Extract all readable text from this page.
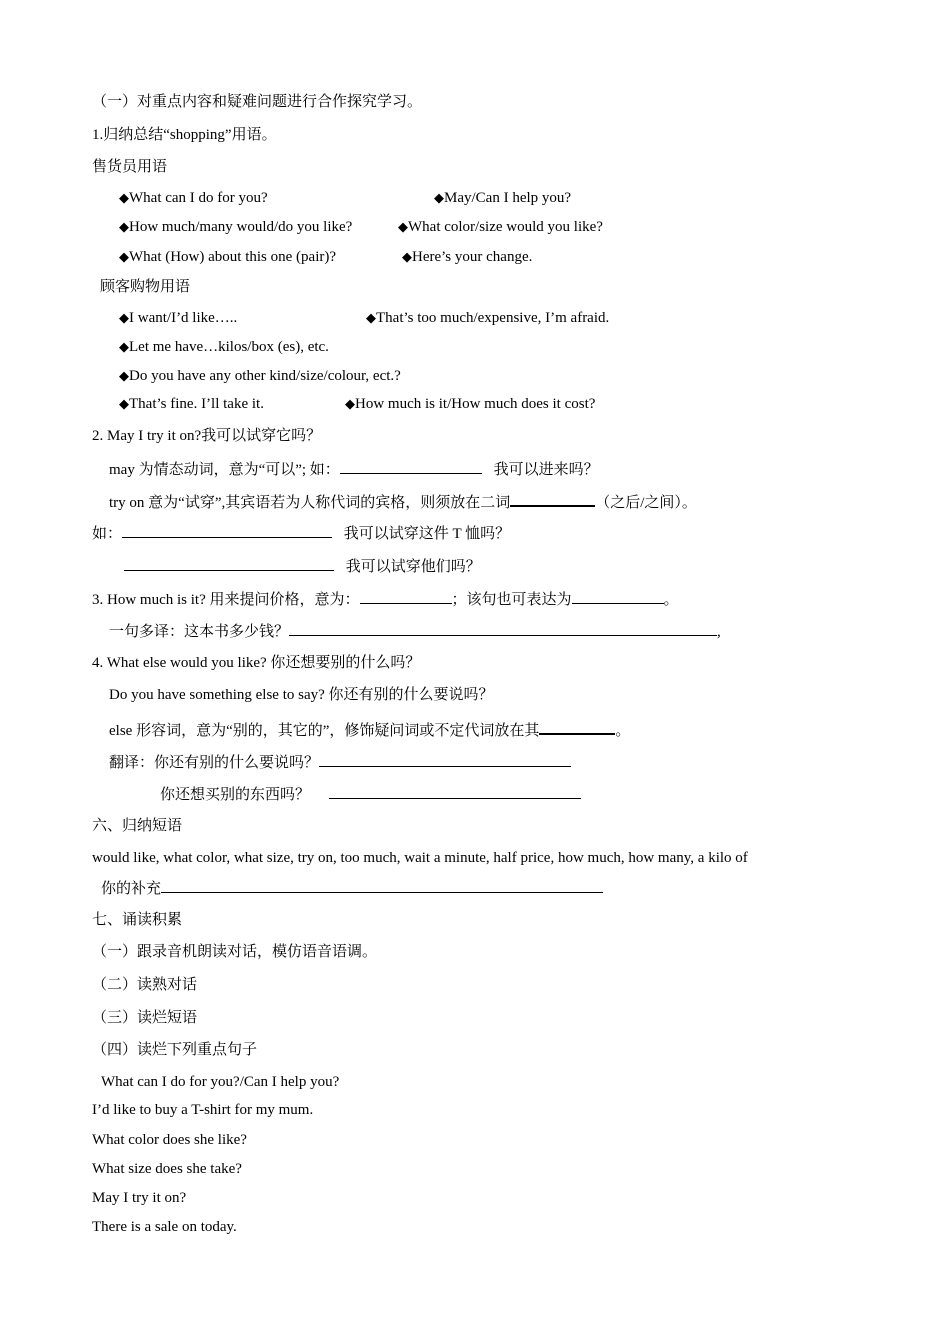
（一）对重点内容和疑难问题进行合作探究学习。
1.归纳总结“shopping”用语。
售货员用语
◆What can I do for you?	◆May/Can I help you?
◆How much/many would/do you like?	◆What color/size would you like?
◆What (How) about this one (pair)?	◆Here’s your change.
顾客购物用语
◆I want/I’d like…..	◆That’s too much/expensive, I’m afraid.
◆Let me have…kilos/box (es), etc.
◆Do you have any other kind/size/colour, ect.?
◆That’s fine. I’ll take it.	◆How much is it/How much does it cost?
2. May I try it on?我可以试穿它吗？
may 为情态动词，意为“可以”; 如：	我可以进来吗？
try on 意为“试穿”,其宾语若为人称代词的宾格，则须放在二词	（之后/之间）。
如：	我可以试穿这件 T 恤吗？
我可以试穿他们吗？
3. How much is it? 用来提问价格，意为：	；该句也可表达为	。
一句多译：这本书多少钱？	,
4. What else would you like? 你还想要别的什么吗？
Do you have something else to say? 你还有别的什么要说吗？
else 形容词，意为“别的，其它的”，修饰疑问词或不定代词放在其	。
翻译：你还有别的什么要说吗？
你还想买别的东西吗？
六、归纳短语
would like, what color, what size, try on, too much, wait a minute, half price, how much, how many, a kilo of
你的补充
七、诵读积累
（一）跟录音机朗读对话，模仿语音语调。
（二）读熟对话
（三）读烂短语
（四）读烂下列重点句子
What can I do for you?/Can I help you?
I’d like to buy a T-shirt for my mum.
What color does she like?
What size does she take?
May I try it on?
There is a sale on today.
